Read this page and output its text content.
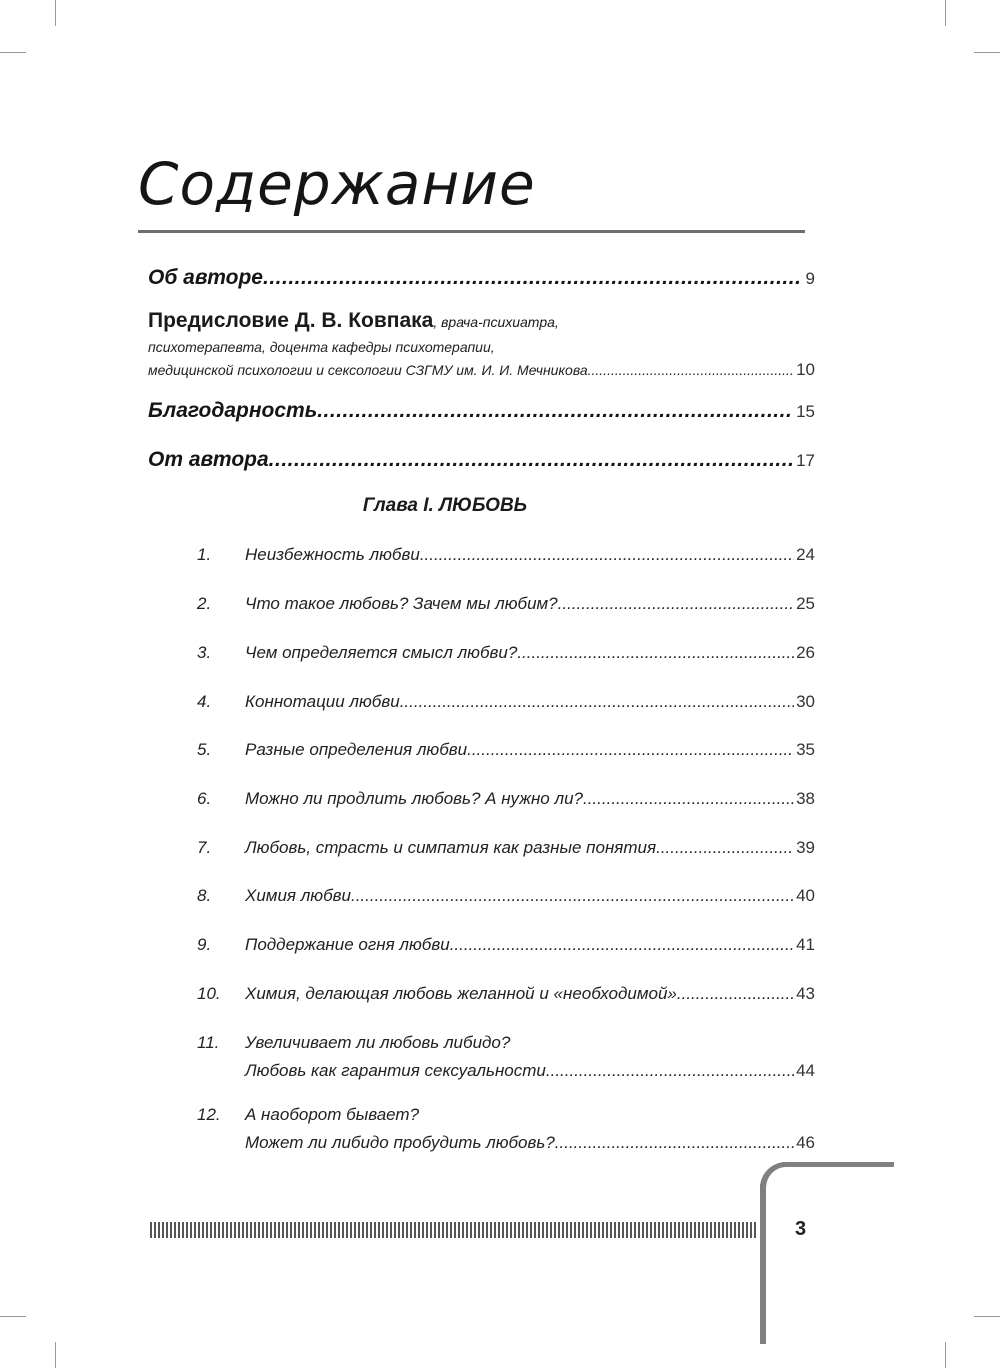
Содержание
Об авторе .....	9
Предисловие Д. В. Ковпака, врача-психиатра,
психотерапевта, доцента кафедры психотерапии,
медицинской психологии и сексологии СЗГМУ им. И. И. Мечникова .....	10
Благодарность .....	15
От автора .....	17
Глава I. ЛЮБОВЬ
1.	Неизбежность любви .....	24
2.	Что такое любовь? Зачем мы любим? .....	25
3.	Чем определяется смысл любви? .....	26
4.	Коннотации любви .....	30
5.	Разные определения любви .....	35
6.	Можно ли продлить любовь? А нужно ли? .....	38
7.	Любовь, страсть и симпатия как разные понятия .....	39
8.	Химия любви .....	40
9.	Поддержание огня любви .....	41
10.	Химия, делающая любовь желанной и «необходимой» .....	43
11. Увеличивает ли любовь либидо?
Любовь как гарантия сексуальности .....	44
12. А наоборот бывает?
Может ли либидо пробудить любовь? .....	46
3
